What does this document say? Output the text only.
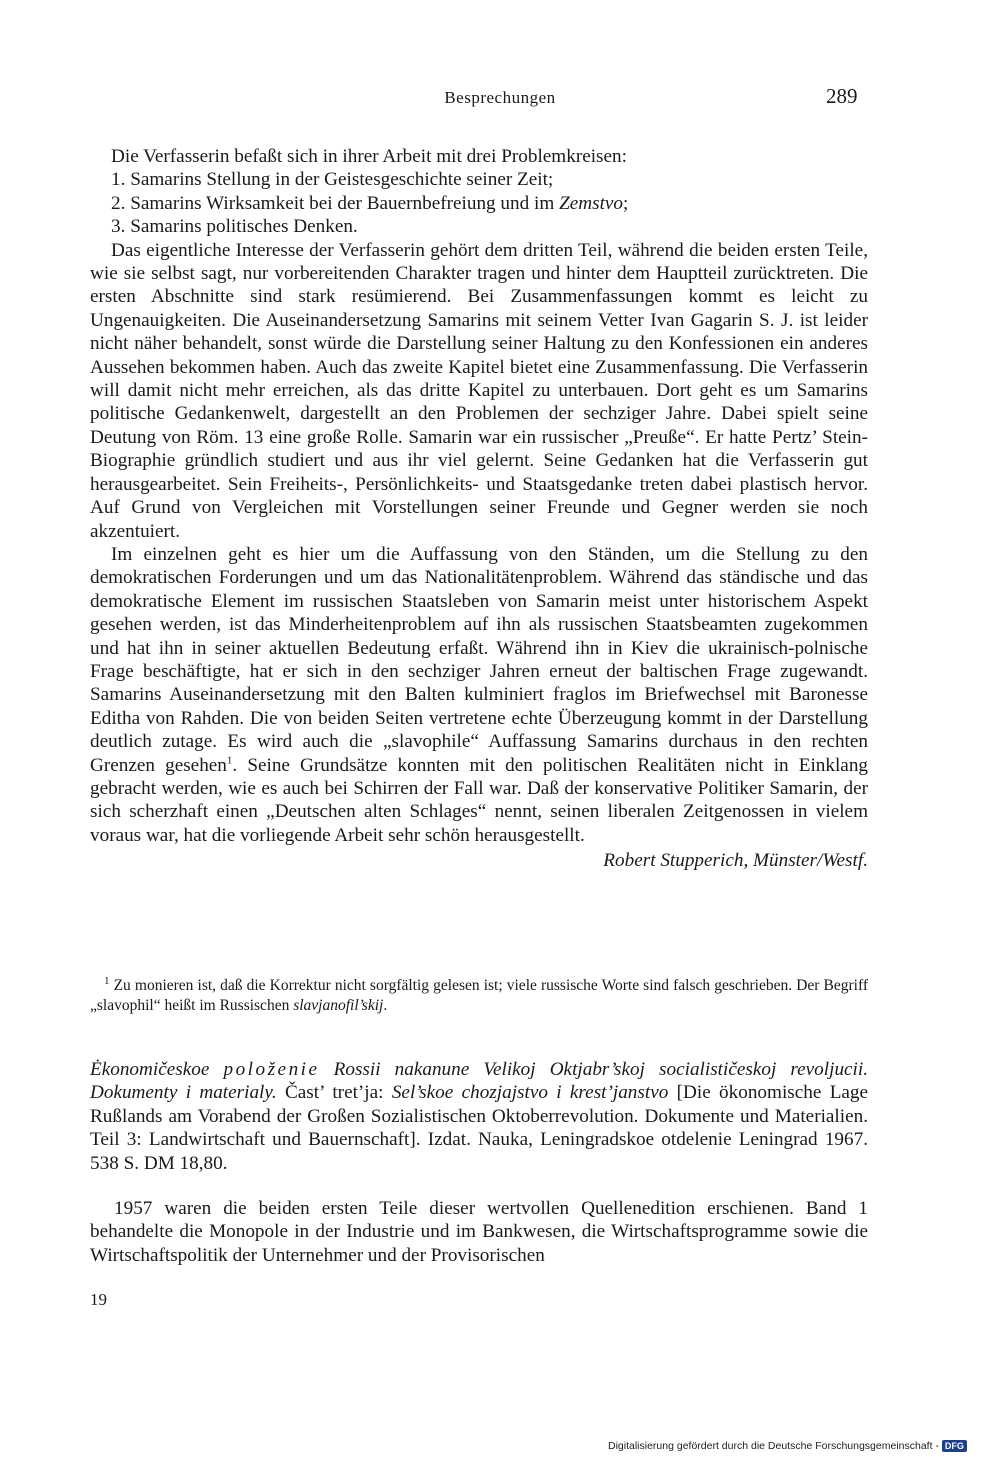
Besprechungen	289

Die Verfasserin befaßt sich in ihrer Arbeit mit drei Problemkreisen:

1. Samarins Stellung in der Geistesgeschichte seiner Zeit;

2. Samarins Wirksamkeit bei der Bauernbefreiung und im Zemstvo;

3. Samarins politisches Denken.

Das eigentliche Interesse der Verfasserin gehört dem dritten Teil, während die beiden ersten Teile, wie sie selbst sagt, nur vorbereitenden Charakter tragen und hinter dem Hauptteil zurücktreten. Die ersten Abschnitte sind stark resümierend. Bei Zusammenfassungen kommt es leicht zu Ungenauigkeiten. Die Auseinandersetzung Samarins mit seinem Vetter Ivan Gagarin S. J. ist leider nicht näher behandelt, sonst würde die Darstellung seiner Haltung zu den Konfessionen ein anderes Aussehen bekommen haben. Auch das zweite Kapitel bietet eine Zusammenfassung. Die Verfasserin will damit nicht mehr erreichen, als das dritte Kapitel zu unterbauen. Dort geht es um Samarins politische Gedankenwelt, dargestellt an den Problemen der sechziger Jahre. Dabei spielt seine Deutung von Röm. 13 eine große Rolle. Samarin war ein russischer „Preuße“. Er hatte Pertz’ Stein-Biographie gründlich studiert und aus ihr viel gelernt. Seine Gedanken hat die Verfasserin gut herausgearbeitet. Sein Freiheits-, Persönlichkeits- und Staatsgedanke treten dabei plastisch hervor. Auf Grund von Vergleichen mit Vorstellungen seiner Freunde und Gegner werden sie noch akzentuiert.

Im einzelnen geht es hier um die Auffassung von den Ständen, um die Stellung zu den demokratischen Forderungen und um das Nationalitätenproblem. Während das ständische und das demokratische Element im russischen Staatsleben von Samarin meist unter historischem Aspekt gesehen werden, ist das Minderheitenproblem auf ihn als russischen Staatsbeamten zugekommen und hat ihn in seiner aktuellen Bedeutung erfaßt. Während ihn in Kiev die ukrainisch-polnische Frage beschäftigte, hat er sich in den sechziger Jahren erneut der baltischen Frage zugewandt. Samarins Auseinandersetzung mit den Balten kulminiert fraglos im Briefwechsel mit Baronesse Editha von Rahden. Die von beiden Seiten vertretene echte Überzeugung kommt in der Darstellung deutlich zutage. Es wird auch die „slavophile“ Auffassung Samarins durchaus in den rechten Grenzen gesehen$^1$. Seine Grundsätze konnten mit den politischen Realitäten nicht in Einklang gebracht werden, wie es auch bei Schirren der Fall war. Daß der konservative Politiker Samarin, der sich scherzhaft einen „Deutschen alten Schlages“ nennt, seinen liberalen Zeitgenossen in vielem voraus war, hat die vorliegende Arbeit sehr schön herausgestellt.

Robert Stupperich, Münster/Westf.

$^1$ Zu monieren ist, daß die Korrektur nicht sorgfältig gelesen ist; viele russische Worte sind falsch geschrieben. Der Begriff „slavophil“ heißt im Russischen slavjanofil’skij.

Ėkonomičeskoe položenie Rossii nakanune Velikoj Oktjabr’skoj socialističeskoj revoljucii. Dokumenty i materialy. Čast’ tret’ja: Sel’skoe chozjajstvo i krest’janstvo [Die ökonomische Lage Rußlands am Vorabend der Großen Sozialistischen Oktoberrevolution. Dokumente und Materialien. Teil 3: Landwirtschaft und Bauernschaft]. Izdat. Nauka, Leningradskoe otdelenie Leningrad 1967. 538 S. DM 18,80.

1957 waren die beiden ersten Teile dieser wertvollen Quellenedition erschienen. Band 1 behandelte die Monopole in der Industrie und im Bankwesen, die Wirtschaftsprogramme sowie die Wirtschaftspolitik der Unternehmer und der Provisorischen

19
Digitalisierung gefördert durch die Deutsche Forschungsgemeinschaft - DFG
